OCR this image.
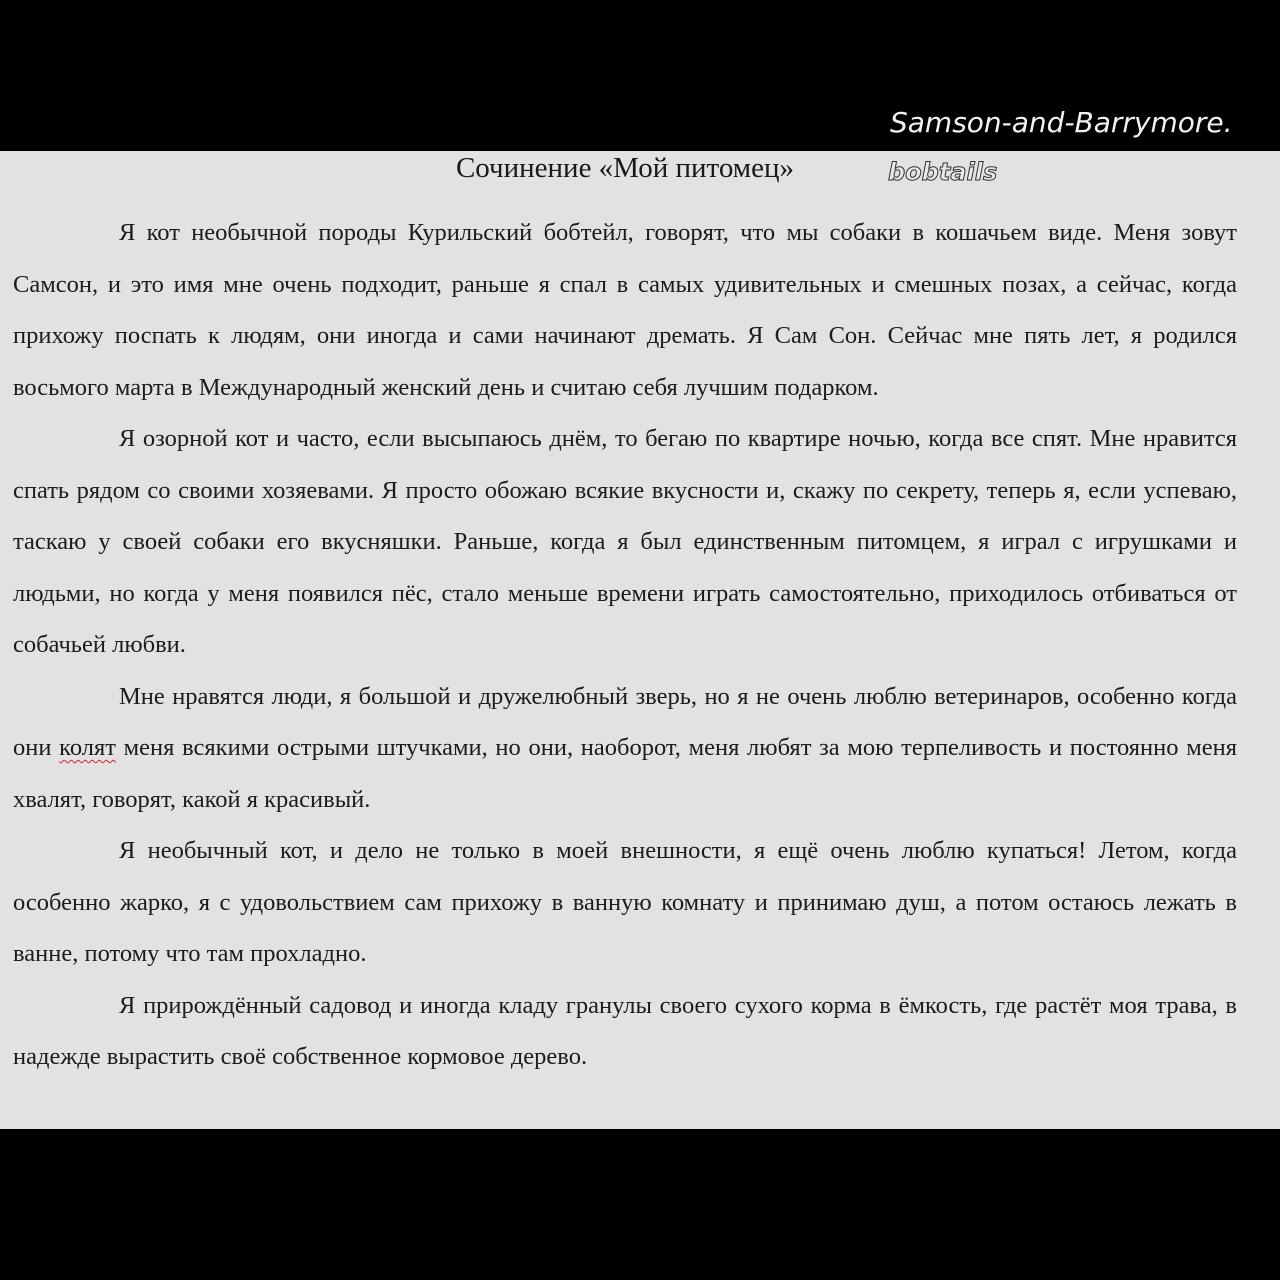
Сочинение «Мой питомец»

Я кот необычной породы Курильский бобтейл, говорят, что мы собаки в кошачьем виде. Меня зовут Самсон, и это имя мне очень подходит, раньше я спал в самых удивительных и смешных позах, а сейчас, когда прихожу поспать к людям, они иногда и сами начинают дремать. Я Сам Сон. Сейчас мне пять лет, я родился восьмого марта в Международный женский день и считаю себя лучшим подарком.

Я озорной кот и часто, если высыпаюсь днём, то бегаю по квартире ночью, когда все спят. Мне нравится спать рядом со своими хозяевами. Я просто обожаю всякие вкусности и, скажу по секрету, теперь я, если успеваю, таскаю у своей собаки его вкусняшки. Раньше, когда я был единственным питомцем, я играл с игрушками и людьми, но когда у меня появился пёс, стало меньше времени играть самостоятельно, приходилось отбиваться от собачьей любви.

Мне нравятся люди, я большой и дружелюбный зверь, но я не очень люблю ветеринаров, особенно когда они колят меня всякими острыми штучками, но они, наоборот, меня любят за мою терпеливость и постоянно меня хвалят, говорят, какой я красивый.

Я необычный кот, и дело не только в моей внешности, я ещё очень люблю купаться! Летом, когда особенно жарко, я с удовольствием сам прихожу в ванную комнату и принимаю душ, а потом остаюсь лежать в ванне, потому что там прохладно.

Я прирождённый садовод и иногда кладу гранулы своего сухого корма в ёмкость, где растёт моя трава, в надежде вырастить своё собственное кормовое дерево.

Samson-and-Barrymore.
bobtails
